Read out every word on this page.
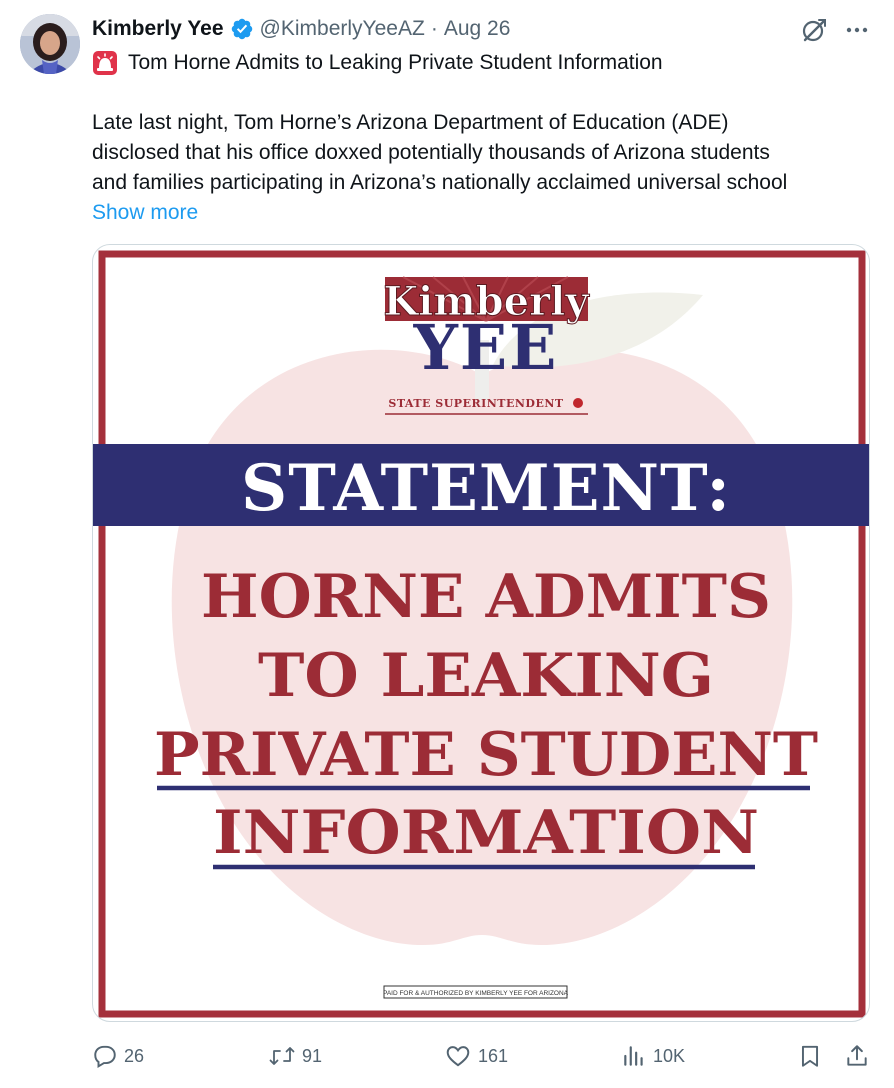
Kimberly Yee @KimberlyYeeAZ · Aug 26
Tom Horne Admits to Leaking Private Student Information
Late last night, Tom Horne’s Arizona Department of Education (ADE)
disclosed that his office doxxed potentially thousands of Arizona students
and families participating in Arizona’s nationally acclaimed universal school
Show more
Kimberly
YEE
STATE SUPERINTENDENT
STATEMENT:
HORNE ADMITS
TO LEAKING
PRIVATE STUDENT
INFORMATION
PAID FOR & AUTHORIZED BY KIMBERLY YEE FOR ARIZONA
26	91	161	10K
